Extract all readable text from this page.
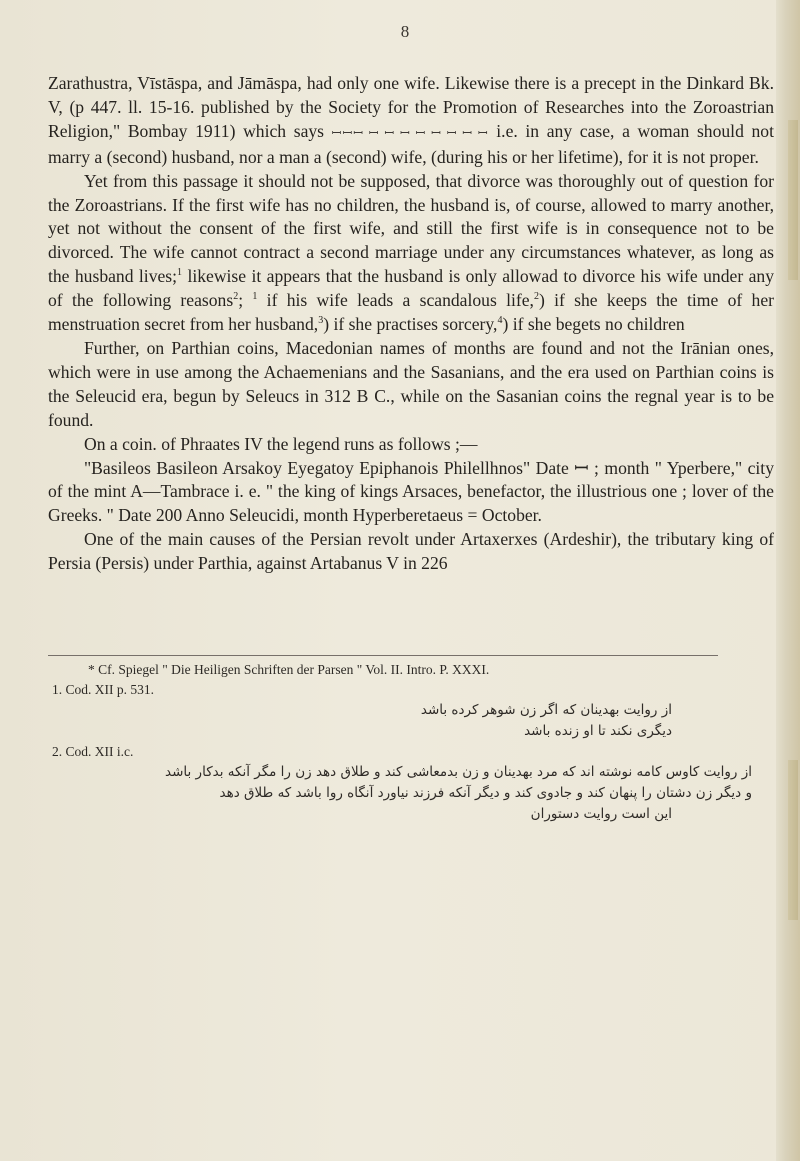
8

Zarathustra, Vīstāspa, and Jāmāspa, had only one wife. Likewise there is a precept in the Dinkard Bk. V, (p 447. ll. 15-16. published by the Society for the Promotion of Researches into the Zoroastrian Religion," Bombay 1911) which says ꟷꟷꟷ ꟷ ꟷ ꟷ ꟷ ꟷ ꟷ ꟷ ꟷ i.e. in any case, a woman should not marry a (second) husband, nor a man a (second) wife, (during his or her lifetime), for it is not proper.

Yet from this passage it should not be supposed, that divorce was thoroughly out of question for the Zoroastrians. If the first wife has no children, the husband is, of course, allowed to marry another, yet not without the consent of the first wife, and still the first wife is in consequence not to be divorced. The wife cannot contract a second marriage under any circumstances whatever, as long as the husband lives;$^1$ likewise it appears that the husband is only allowad to divorce his wife under any of the following reasons$^2$; $^1$ if his wife leads a scandalous life,$^2$) if she keeps the time of her menstruation secret from her husband,$^3$) if she practises sorcery,$^4$) if she begets no children

Further, on Parthian coins, Macedonian names of months are found and not the Irānian ones, which were in use among the Achaemenians and the Sasanians, and the era used on Parthian coins is the Seleucid era, begun by Seleucs in 312 B C., while on the Sasanian coins the regnal year is to be found.

On a coin. of Phraates IV the legend runs as follows ;—

"Basileos Basileon Arsakoy Eyegatoy Epiphanois Philellhnos" Date ꟷ ; month " Yperbere," city of the mint A—Tambrace i. e. " the king of kings Arsaces, benefactor, the illustrious one ; lover of the Greeks. " Date 200 Anno Seleucidi, month Hyperberetaeus = October.

One of the main causes of the Persian revolt under Artaxerxes (Ardeshir), the tributary king of Persia (Persis) under Parthia, against Artabanus V in 226

* Cf. Spiegel " Die Heiligen Schriften der Parsen " Vol. II. Intro. P. XXXI.
1. Cod. XII p. 531.
از روایت بهدینان که اگر زن شوهر کرده باشد
دیگری نکند تا او زنده باشد
2. Cod. XII i.c.
از روایت کاوس کامه نوشته اند که مرد بهدینان و زن بدمعاشی کند و طلاق دهد زن را مگر آنکه بدکار باشد
و دیگر زن دشتان را پنهان کند و جادوی کند و دیگر آنکه فرزند نیاورد آنگاه روا باشد که طلاق دهد
این است روایت دستوران
